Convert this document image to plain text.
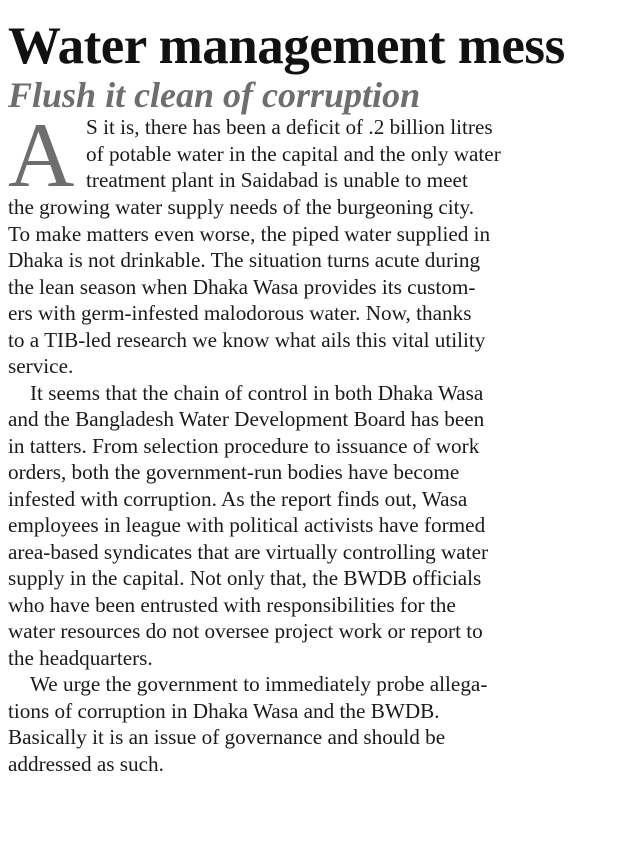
Water management mess
Flush it clean of corruption
A S it is, there has been a deficit of .2 billion litres
of potable water in the capital and the only water
treatment plant in Saidabad is unable to meet
the growing water supply needs of the burgeoning city.
To make matters even worse, the piped water supplied in
Dhaka is not drinkable. The situation turns acute during
the lean season when Dhaka Wasa provides its custom-
ers with germ-infested malodorous water. Now, thanks
to a TIB-led research we know what ails this vital utility
service.
It seems that the chain of control in both Dhaka Wasa
and the Bangladesh Water Development Board has been
in tatters. From selection procedure to issuance of work
orders, both the government-run bodies have become
infested with corruption. As the report finds out, Wasa
employees in league with political activists have formed
area-based syndicates that are virtually controlling water
supply in the capital. Not only that, the BWDB officials
who have been entrusted with responsibilities for the
water resources do not oversee project work or report to
the headquarters.
We urge the government to immediately probe allega-
tions of corruption in Dhaka Wasa and the BWDB.
Basically it is an issue of governance and should be
addressed as such.
